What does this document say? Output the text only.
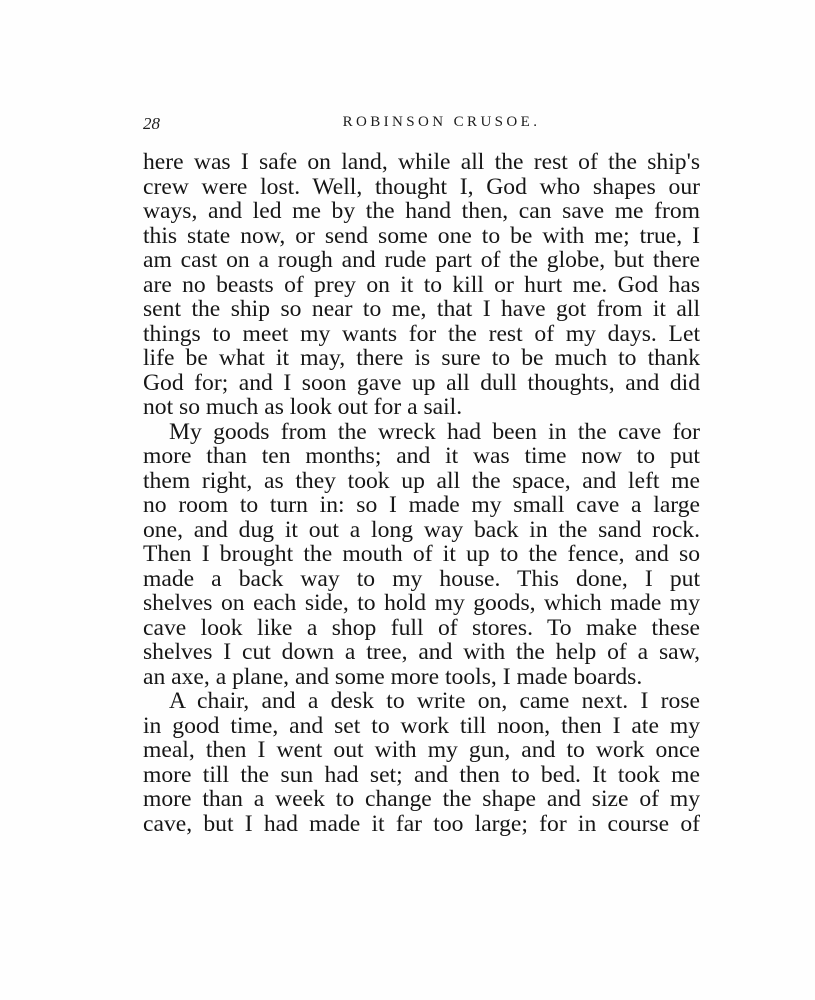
28	ROBINSON CRUSOE.
here was I safe on land, while all the rest of the ship's
crew were lost. Well, thought I, God who shapes our
ways, and led me by the hand then, can save me from
this state now, or send some one to be with me; true, I
am cast on a rough and rude part of the globe, but there
are no beasts of prey on it to kill or hurt me. God has
sent the ship so near to me, that I have got from it all
things to meet my wants for the rest of my days. Let
life be what it may, there is sure to be much to thank
God for; and I soon gave up all dull thoughts, and did
not so much as look out for a sail.
My goods from the wreck had been in the cave for
more than ten months; and it was time now to put
them right, as they took up all the space, and left me
no room to turn in: so I made my small cave a large
one, and dug it out a long way back in the sand rock.
Then I brought the mouth of it up to the fence, and so
made a back way to my house. This done, I put
shelves on each side, to hold my goods, which made my
cave look like a shop full of stores. To make these
shelves I cut down a tree, and with the help of a saw,
an axe, a plane, and some more tools, I made boards.
A chair, and a desk to write on, came next. I rose
in good time, and set to work till noon, then I ate my
meal, then I went out with my gun, and to work once
more till the sun had set; and then to bed. It took me
more than a week to change the shape and size of my
cave, but I had made it far too large; for in course of
